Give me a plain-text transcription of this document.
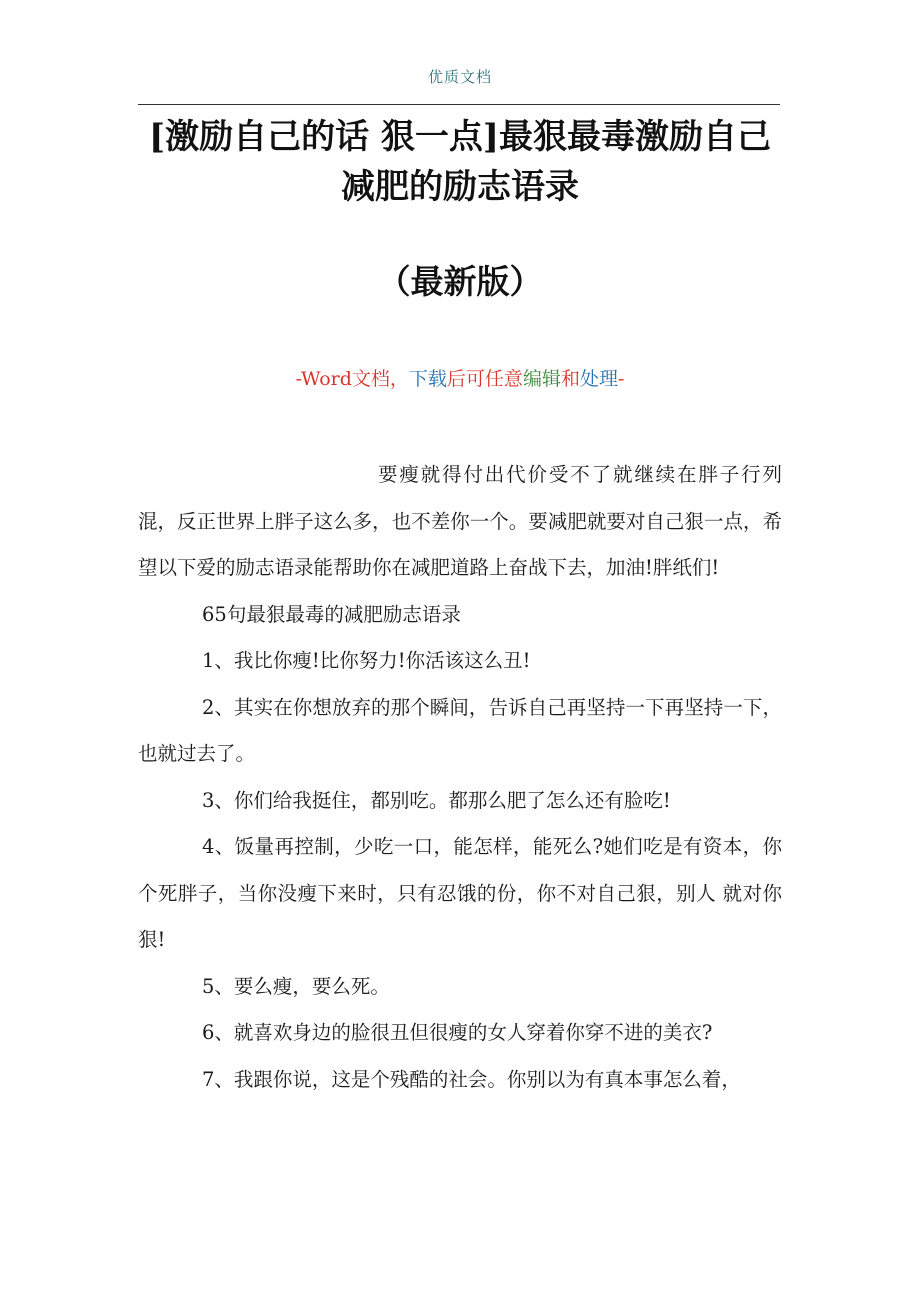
优质文档
[激励自己的话 狠一点]最狠最毒激励自己
减肥的励志语录
（最新版）
-Word文档，下载后可任意编辑和处理-

要瘦就得付出代价受不了就继续在胖子行列混，反正世界上胖子这么多，也不差你一个。要减肥就要对自己狠一点，希望以下爱的励志语录能帮助你在减肥道路上奋战下去，加油!胖纸们!

65句最狠最毒的减肥励志语录

1、我比你瘦!比你努力!你活该这么丑!

2、其实在你想放弃的那个瞬间，告诉自己再坚持一下再坚持一下，也就过去了。

3、你们给我挺住，都别吃。都那么肥了怎么还有脸吃!

4、饭量再控制，少吃一口，能怎样，能死么?她们吃是有资本，你个死胖子，当你没瘦下来时，只有忍饿的份，你不对自己狠，别人 就对你狠!

5、要么瘦，要么死。

6、就喜欢身边的脸很丑但很瘦的女人穿着你穿不进的美衣?

7、我跟你说，这是个残酷的社会。你别以为有真本事怎么着，
